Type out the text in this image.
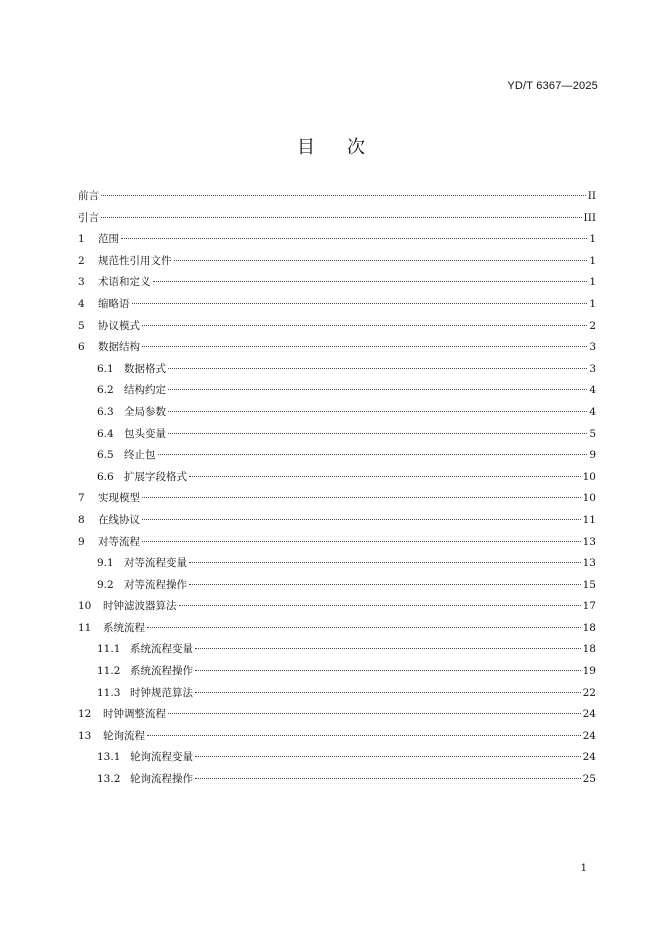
YD/T 6367—2025
目次
前言	II
引言	III
1	范围	1
2	规范性引用文件	1
3	术语和定义	1
4	缩略语	1
5	协议模式	2
6	数据结构	3
6.1 数据格式	3
6.2 结构约定	4
6.3 全局参数	4
6.4 包头变量	5
6.5 终止包	9
6.6 扩展字段格式	10
7	实现模型	10
8	在线协议	11
9	对等流程	13
9.1 对等流程变量	13
9.2 对等流程操作	15
10	时钟滤波器算法	17
11	系统流程	18
11.1 系统流程变量	18
11.2 系统流程操作	19
11.3 时钟规范算法	22
12	时钟调整流程	24
13	轮询流程	24
13.1 轮询流程变量	24
13.2 轮询流程操作	25
1
